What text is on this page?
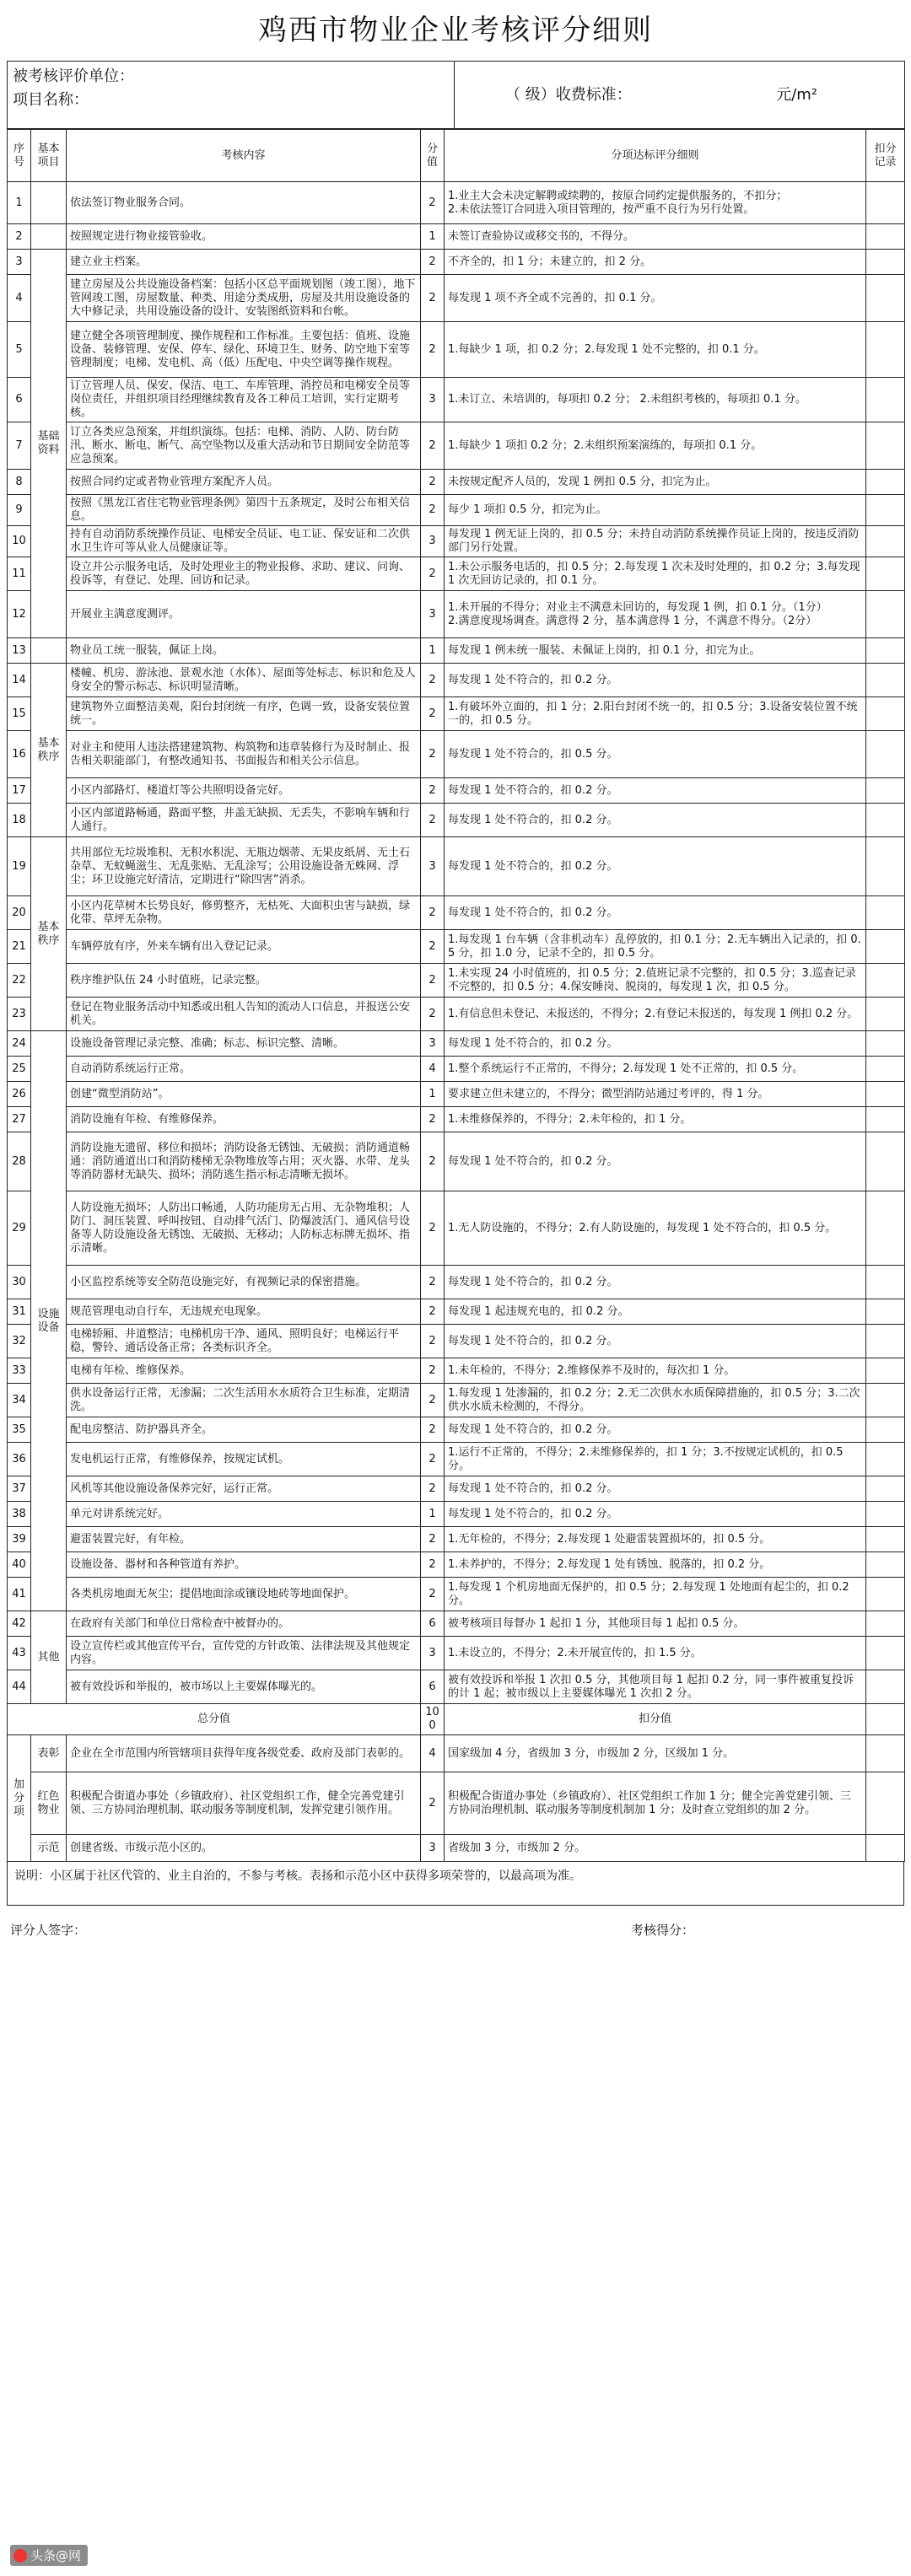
鸡西市物业企业考核评分细则
被考核评价单位：
项目名称：	（ 级）收费标准：	元/m²
序号	基本项目	考核内容	分值	分项达标评分细则	扣分记录
1		依法签订物业服务合同。	2	1.业主大会未决定解聘或续聘的，按原合同约定提供服务的，不扣分；
2.未依法签订合同进入项目管理的，按严重不良行为另行处置。	
2		按照规定进行物业接管验收。	1	未签订查验协议或移交书的，不得分。	
3	基础资料	建立业主档案。	2	不齐全的，扣 1 分；未建立的，扣 2 分。	
4		建立房屋及公共设施设备档案：包括小区总平面规划图（竣工图），地下管网竣工图，房屋数量、种类、用途分类成册，房屋及共用设施设备的大中修记录，共用设施设备的设计、安装图纸资料和台帐。	2	每发现 1 项不齐全或不完善的，扣 0.1 分。	
5		建立健全各项管理制度、操作规程和工作标准。主要包括：值班、设施设备、装修管理、安保、停车、绿化、环境卫生、财务、防空地下室等管理制度；电梯、发电机、高（低）压配电、中央空调等操作规程。	2	1.每缺少 1 项，扣 0.2 分；2.每发现 1 处不完整的，扣 0.1 分。	
6		订立管理人员、保安、保洁、电工、车库管理、消控员和电梯安全员等岗位责任，并组织项目经理继续教育及各工种员工培训，实行定期考核。	3	1.未订立、未培训的，每项扣 0.2 分； 2.未组织考核的，每项扣 0.1 分。	
7		订立各类应急预案，并组织演练。包括：电梯、消防、人防、防台防汛、断水、断电、断气、高空坠物以及重大活动和节日期间安全防范等应急预案。	2	1.每缺少 1 项扣 0.2 分；2.未组织预案演练的，每项扣 0.1 分。	
8		按照合同约定或者物业管理方案配齐人员。	2	未按规定配齐人员的，发现 1 例扣 0.5 分，扣完为止。	
9		按照《黑龙江省住宅物业管理条例》第四十五条规定，及时公布相关信息。	2	每少 1 项扣 0.5 分，扣完为止。	
10		持有自动消防系统操作员证、电梯安全员证、电工证、保安证和二次供水卫生许可等从业人员健康证等。	3	每发现 1 例无证上岗的，扣 0.5 分；未持自动消防系统操作员证上岗的，按违反消防部门另行处置。	
11		设立并公示服务电话，及时处理业主的物业报修、求助、建议、问询、投诉等，有登记、处理、回访和记录。	2	1.未公示服务电话的，扣 0.5 分；2.每发现 1 次未及时处理的，扣 0.2 分；3.每发现 1 次无回访记录的，扣 0.1 分。	
12		开展业主满意度测评。	3	1.未开展的不得分；对业主不满意未回访的，每发现 1 例，扣 0.1 分。（1分）
2.满意度现场调查。满意得 2 分，基本满意得 1 分，不满意不得分。（2分）	
13		物业员工统一服装，佩证上岗。	1	每发现 1 例未统一服装、未佩证上岗的，扣 0.1 分，扣完为止。	
14	基本秩序	楼幢、机房、游泳池、景观水池（水体）、屋面等处标志、标识和危及人身安全的警示标志、标识明显清晰。	2	每发现 1 处不符合的，扣 0.2 分。	
15		建筑物外立面整洁美观，阳台封闭统一有序，色调一致，设备安装位置统一。	2	1.有破坏外立面的，扣 1 分；2.阳台封闭不统一的，扣 0.5 分；3.设备安装位置不统一的，扣 0.5 分。	
16		对业主和使用人违法搭建建筑物、构筑物和违章装修行为及时制止、报告相关职能部门，有整改通知书、书面报告和相关公示信息。	2	每发现 1 处不符合的，扣 0.5 分。	
17		小区内部路灯、楼道灯等公共照明设备完好。	2	每发现 1 处不符合的，扣 0.2 分。	
18		小区内部道路畅通，路面平整，井盖无缺损、无丢失，不影响车辆和行人通行。	2	每发现 1 处不符合的，扣 0.2 分。	
19	基本秩序	共用部位无垃圾堆积、无积水积泥、无瓶边烟蒂、无果皮纸屑、无土石杂草、无蚊蝇滋生、无乱张贴、无乱涂写；公用设施设备无蛛网、浮尘；环卫设施完好清洁，定期进行“除四害”消杀。	3	每发现 1 处不符合的，扣 0.2 分。	
20		小区内花草树木长势良好，修剪整齐，无枯死、大面积虫害与缺损，绿化带、草坪无杂物。	2	每发现 1 处不符合的，扣 0.2 分。	
21		车辆停放有序，外来车辆有出入登记记录。	2	1.每发现 1 台车辆（含非机动车）乱停放的，扣 0.1 分；2.无车辆出入记录的，扣 0.5 分，扣 1.0 分，记录不全的，扣 0.5 分。	
22		秩序维护队伍 24 小时值班，记录完整。	2	1.未实现 24 小时值班的，扣 0.5 分；2.值班记录不完整的，扣 0.5 分；3.巡查记录不完整的，扣 0.5 分；4.保安睡岗、脱岗的，每发现 1 次，扣 0.5 分。	
23		登记在物业服务活动中知悉或出租人告知的流动人口信息，并报送公安机关。	2	1.有信息但未登记、未报送的，不得分；2.有登记未报送的，每发现 1 例扣 0.2 分。	
24	设施设备	设施设备管理记录完整、准确；标志、标识完整、清晰。	3	每发现 1 处不符合的，扣 0.2 分。	
25		自动消防系统运行正常。	4	1.整个系统运行不正常的，不得分；2.每发现 1 处不正常的，扣 0.5 分。	
26		创建“微型消防站”。	1	要求建立但未建立的，不得分；微型消防站通过考评的，得 1 分。	
27		消防设施有年检、有维修保养。	2	1.未维修保养的，不得分；2.未年检的，扣 1 分。	
28		消防设施无遗留、移位和损坏；消防设备无锈蚀、无破损；消防通道畅通：消防通道出口和消防楼梯无杂物堆放等占用；灭火器、水带、龙头等消防器材无缺失、损坏；消防逃生指示标志清晰无损坏。	2	每发现 1 处不符合的，扣 0.2 分。	
29		人防设施无损坏；人防出口畅通，人防功能房无占用、无杂物堆积；人防门、洞压装置、呼叫按钮、自动排气活门、防爆波活门、通风信号设备等人防设施设备无锈蚀、无破损、无移动；人防标志标牌无损坏、指示清晰。	2	1.无人防设施的，不得分；2.有人防设施的，每发现 1 处不符合的，扣 0.5 分。	
30		小区监控系统等安全防范设施完好，有视频记录的保密措施。	2	每发现 1 处不符合的，扣 0.2 分。	
31		规范管理电动自行车，无违规充电现象。	2	每发现 1 起违规充电的，扣 0.2 分。	
32		电梯轿厢、井道整洁；电梯机房干净、通风、照明良好；电梯运行平稳，警铃、通话设备正常；各类标识齐全。	2	每发现 1 处不符合的，扣 0.2 分。	
33		电梯有年检、维修保养。	2	1.未年检的，不得分；2.维修保养不及时的，每次扣 1 分。	
34		供水设备运行正常，无渗漏；二次生活用水水质符合卫生标准，定期清洗。	2	1.每发现 1 处渗漏的，扣 0.2 分；2.无二次供水水质保障措施的，扣 0.5 分；3.二次供水水质未检测的，不得分。	
35		配电房整洁、防护器具齐全。	2	每发现 1 处不符合的，扣 0.2 分。	
36		发电机运行正常，有维修保养，按规定试机。	2	1.运行不正常的，不得分；2.未维修保养的，扣 1 分；3.不按规定试机的，扣 0.5 分。	
37		风机等其他设施设备保养完好，运行正常。	2	每发现 1 处不符合的，扣 0.2 分。	
38		单元对讲系统完好。	1	每发现 1 处不符合的，扣 0.2 分。	
39		避雷装置完好，有年检。	2	1.无年检的，不得分；2.每发现 1 处避雷装置损坏的，扣 0.5 分。	
40		设施设备、器材和各种管道有养护。	2	1.未养护的，不得分；2.每发现 1 处有锈蚀、脱落的，扣 0.2 分。	
41		各类机房地面无灰尘；提倡地面涂或镶设地砖等地面保护。	2	1.每发现 1 个机房地面无保护的，扣 0.5 分；2.每发现 1 处地面有起尘的，扣 0.2 分。	
42	其他	在政府有关部门和单位日常检查中被督办的。	6	被考核项目每督办 1 起扣 1 分，其他项目每 1 起扣 0.5 分。	
43		设立宣传栏或其他宣传平台，宣传党的方针政策、法律法规及其他规定内容。	3	1.未设立的，不得分；2.未开展宣传的，扣 1.5 分。	
44		被有效投诉和举报的，被市场以上主要媒体曝光的。	6	被有效投诉和举报 1 次扣 0.5 分，其他项目每 1 起扣 0.2 分，同一事件被重复投诉的计 1 起；被市级以上主要媒体曝光 1 次扣 2 分。	
总分值			100	扣分值	
加分项	表彰	企业在全市范围内所管辖项目获得年度各级党委、政府及部门表彰的。	4	国家级加 4 分，省级加 3 分，市级加 2 分，区级加 1 分。	
	红色物业	积极配合街道办事处（乡镇政府）、社区党组织工作，健全完善党建引领、三方协同治理机制、联动服务等制度机制，发挥党建引领作用。	2	积极配合街道办事处（乡镇政府）、社区党组织工作加 1 分；健全完善党建引领、三方协同治理机制、联动服务等制度机制加 1 分；及时查立党组织的加 2 分。	
	示范	创建省级、市级示范小区的。	3	省级加 3 分，市级加 2 分。	
说明：小区属于社区代管的、业主自治的，不参与考核。表扬和示范小区中获得多项荣誉的，以最高项为准。
评分人签字：	考核得分：
头条@网
